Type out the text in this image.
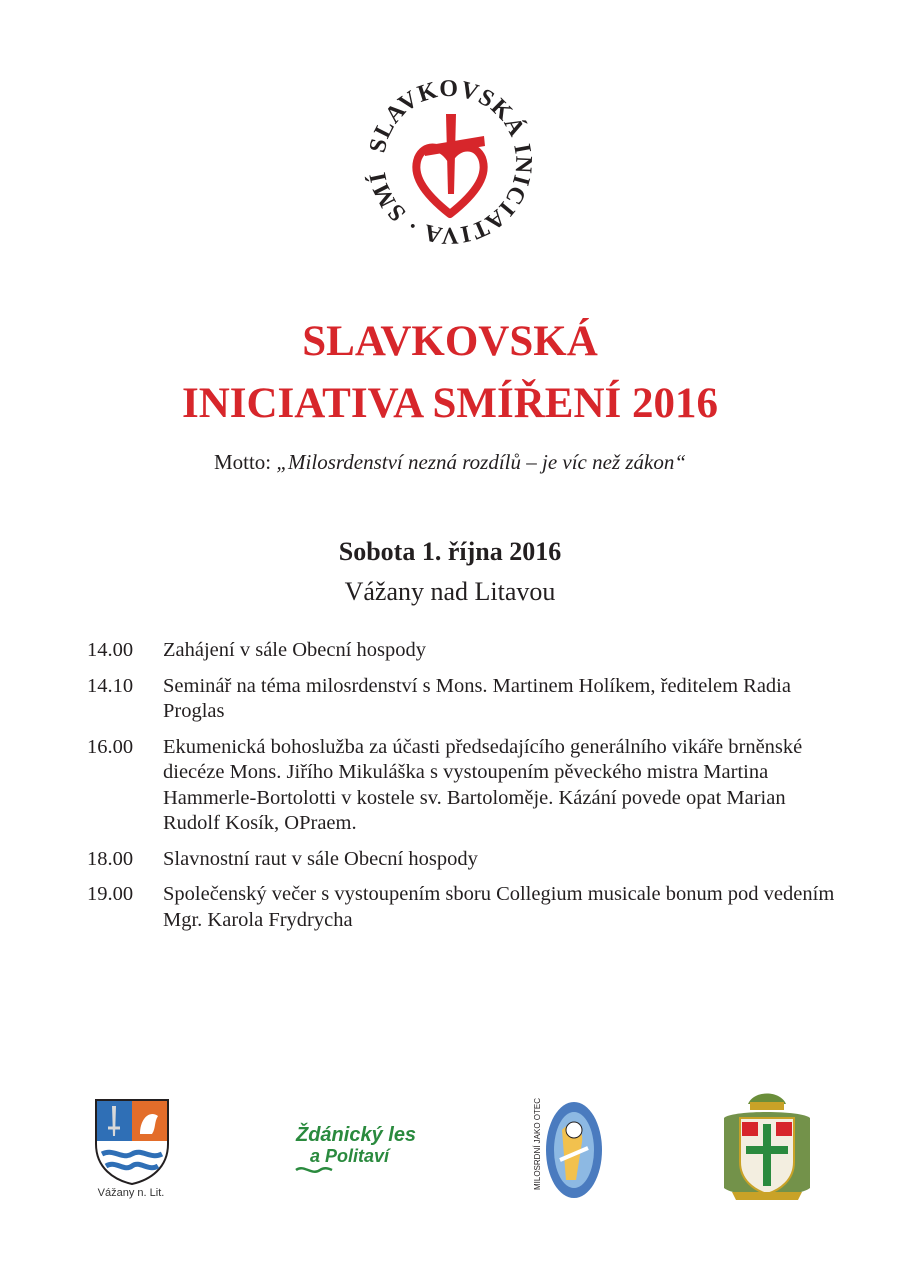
SLAVKOVSKÁ INICIATIVA · SMÍ
SLAVKOVSKÁ
INICIATIVA SMÍŘENÍ 2016
Motto: „Milosrdenství nezná rozdílů – je víc než zákon“
Sobota 1. října 2016
Vážany nad Litavou
14.00	Zahájení v sále Obecní hospody
14.10	Seminář na téma milosrdenství s Mons. Martinem Holíkem, ředitelem Radia Proglas
16.00	Ekumenická bohoslužba za účasti předsedajícího generálního vikáře brněnské diecéze Mons. Jiřího Mikuláška s vystoupením pěveckého mistra Martina Hammerle-Bortolotti v kostele sv. Bartoloměje. Kázání povede opat Marian Rudolf Kosík, OPraem.
18.00	Slavnostní raut v sále Obecní hospody
19.00	Společenský večer s vystoupením sboru Collegium musicale bonum pod vedením Mgr. Karola Frydrycha
Vážany n. Lit.
Ždánický les
a Politaví	MILOSRDNÍ JAKO OTEC
